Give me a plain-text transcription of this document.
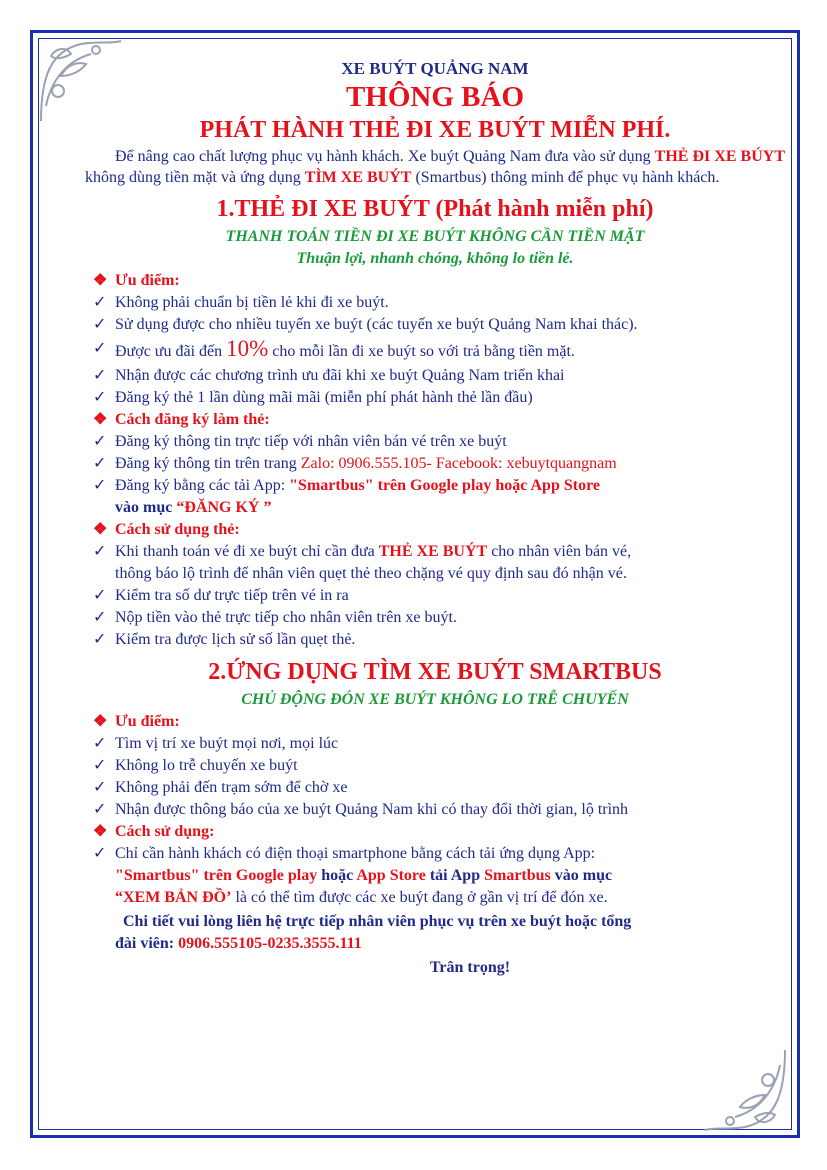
XE BUÝT QUẢNG NAM

THÔNG BÁO

PHÁT HÀNH THẺ ĐI XE BUÝT MIỄN PHÍ.

Để nâng cao chất lượng phục vụ hành khách. Xe buýt Quảng Nam đưa vào sử dụng THẺ ĐI XE BÚYT không dùng tiền mặt và ứng dụng TÌM XE BUÝT (Smartbus) thông minh để phục vụ hành khách.

1.THẺ ĐI XE BUÝT (Phát hành miễn phí)

THANH TOÁN TIỀN ĐI XE BUÝT KHÔNG CẦN TIỀN MẶT

Thuận lợi, nhanh chóng, không lo tiền lẻ.

❖ Ưu điểm:
✓ Không phải chuẩn bị tiền lẻ khi đi xe buýt.
✓ Sử dụng được cho nhiều tuyến xe buýt (các tuyến xe buýt Quảng Nam khai thác).
✓ Được ưu đãi đến 10% cho mỗi lần đi xe buýt so với trả bằng tiền mặt.
✓ Nhận được các chương trình ưu đãi khi xe buýt Quảng Nam triển khai
✓ Đăng ký thẻ 1 lần dùng mãi mãi (miễn phí phát hành thẻ lần đầu)
❖ Cách đăng ký làm thẻ:
✓ Đăng ký thông tin trực tiếp với nhân viên bán vé trên xe buýt
✓ Đăng ký thông tin trên trang Zalo: 0906.555.105- Facebook: xebuytquangnam
✓ Đăng ký bằng các tải App: "Smartbus" trên Google play hoặc App Store
vào mục “ĐĂNG KÝ ”
❖ Cách sử dụng thẻ:
✓ Khi thanh toán vé đi xe buýt chỉ cần đưa THẺ XE BUÝT cho nhân viên bán vé,
thông báo lộ trình để nhân viên quẹt thẻ theo chặng vé quy định sau đó nhận vé.
✓ Kiểm tra số dư trực tiếp trên vé in ra
✓ Nộp tiền vào thẻ trực tiếp cho nhân viên trên xe buýt.
✓ Kiểm tra được lịch sử số lần quẹt thẻ.

2.ỨNG DỤNG TÌM XE BUÝT SMARTBUS

CHỦ ĐỘNG ĐÓN XE BUÝT KHÔNG LO TRỄ CHUYẾN

❖ Ưu điểm:
✓ Tìm vị trí xe buýt mọi nơi, mọi lúc
✓ Không lo trễ chuyến xe buýt
✓ Không phải đến trạm sớm để chờ xe
✓ Nhận được thông báo của xe buýt Quảng Nam khi có thay đổi thời gian, lộ trình
❖ Cách sử dụng:
✓ Chỉ cần hành khách có điện thoại smartphone bằng cách tải ứng dụng App:
"Smartbus" trên Google play hoặc App Store tải App Smartbus vào mục
“XEM BẢN ĐỒ’ là có thể tìm được các xe buýt đang ở gần vị trí để đón xe.
Chi tiết vui lòng liên hệ trực tiếp nhân viên phục vụ trên xe buýt hoặc tổng
đài viên: 0906.555105-0235.3555.111
Trân trọng!
